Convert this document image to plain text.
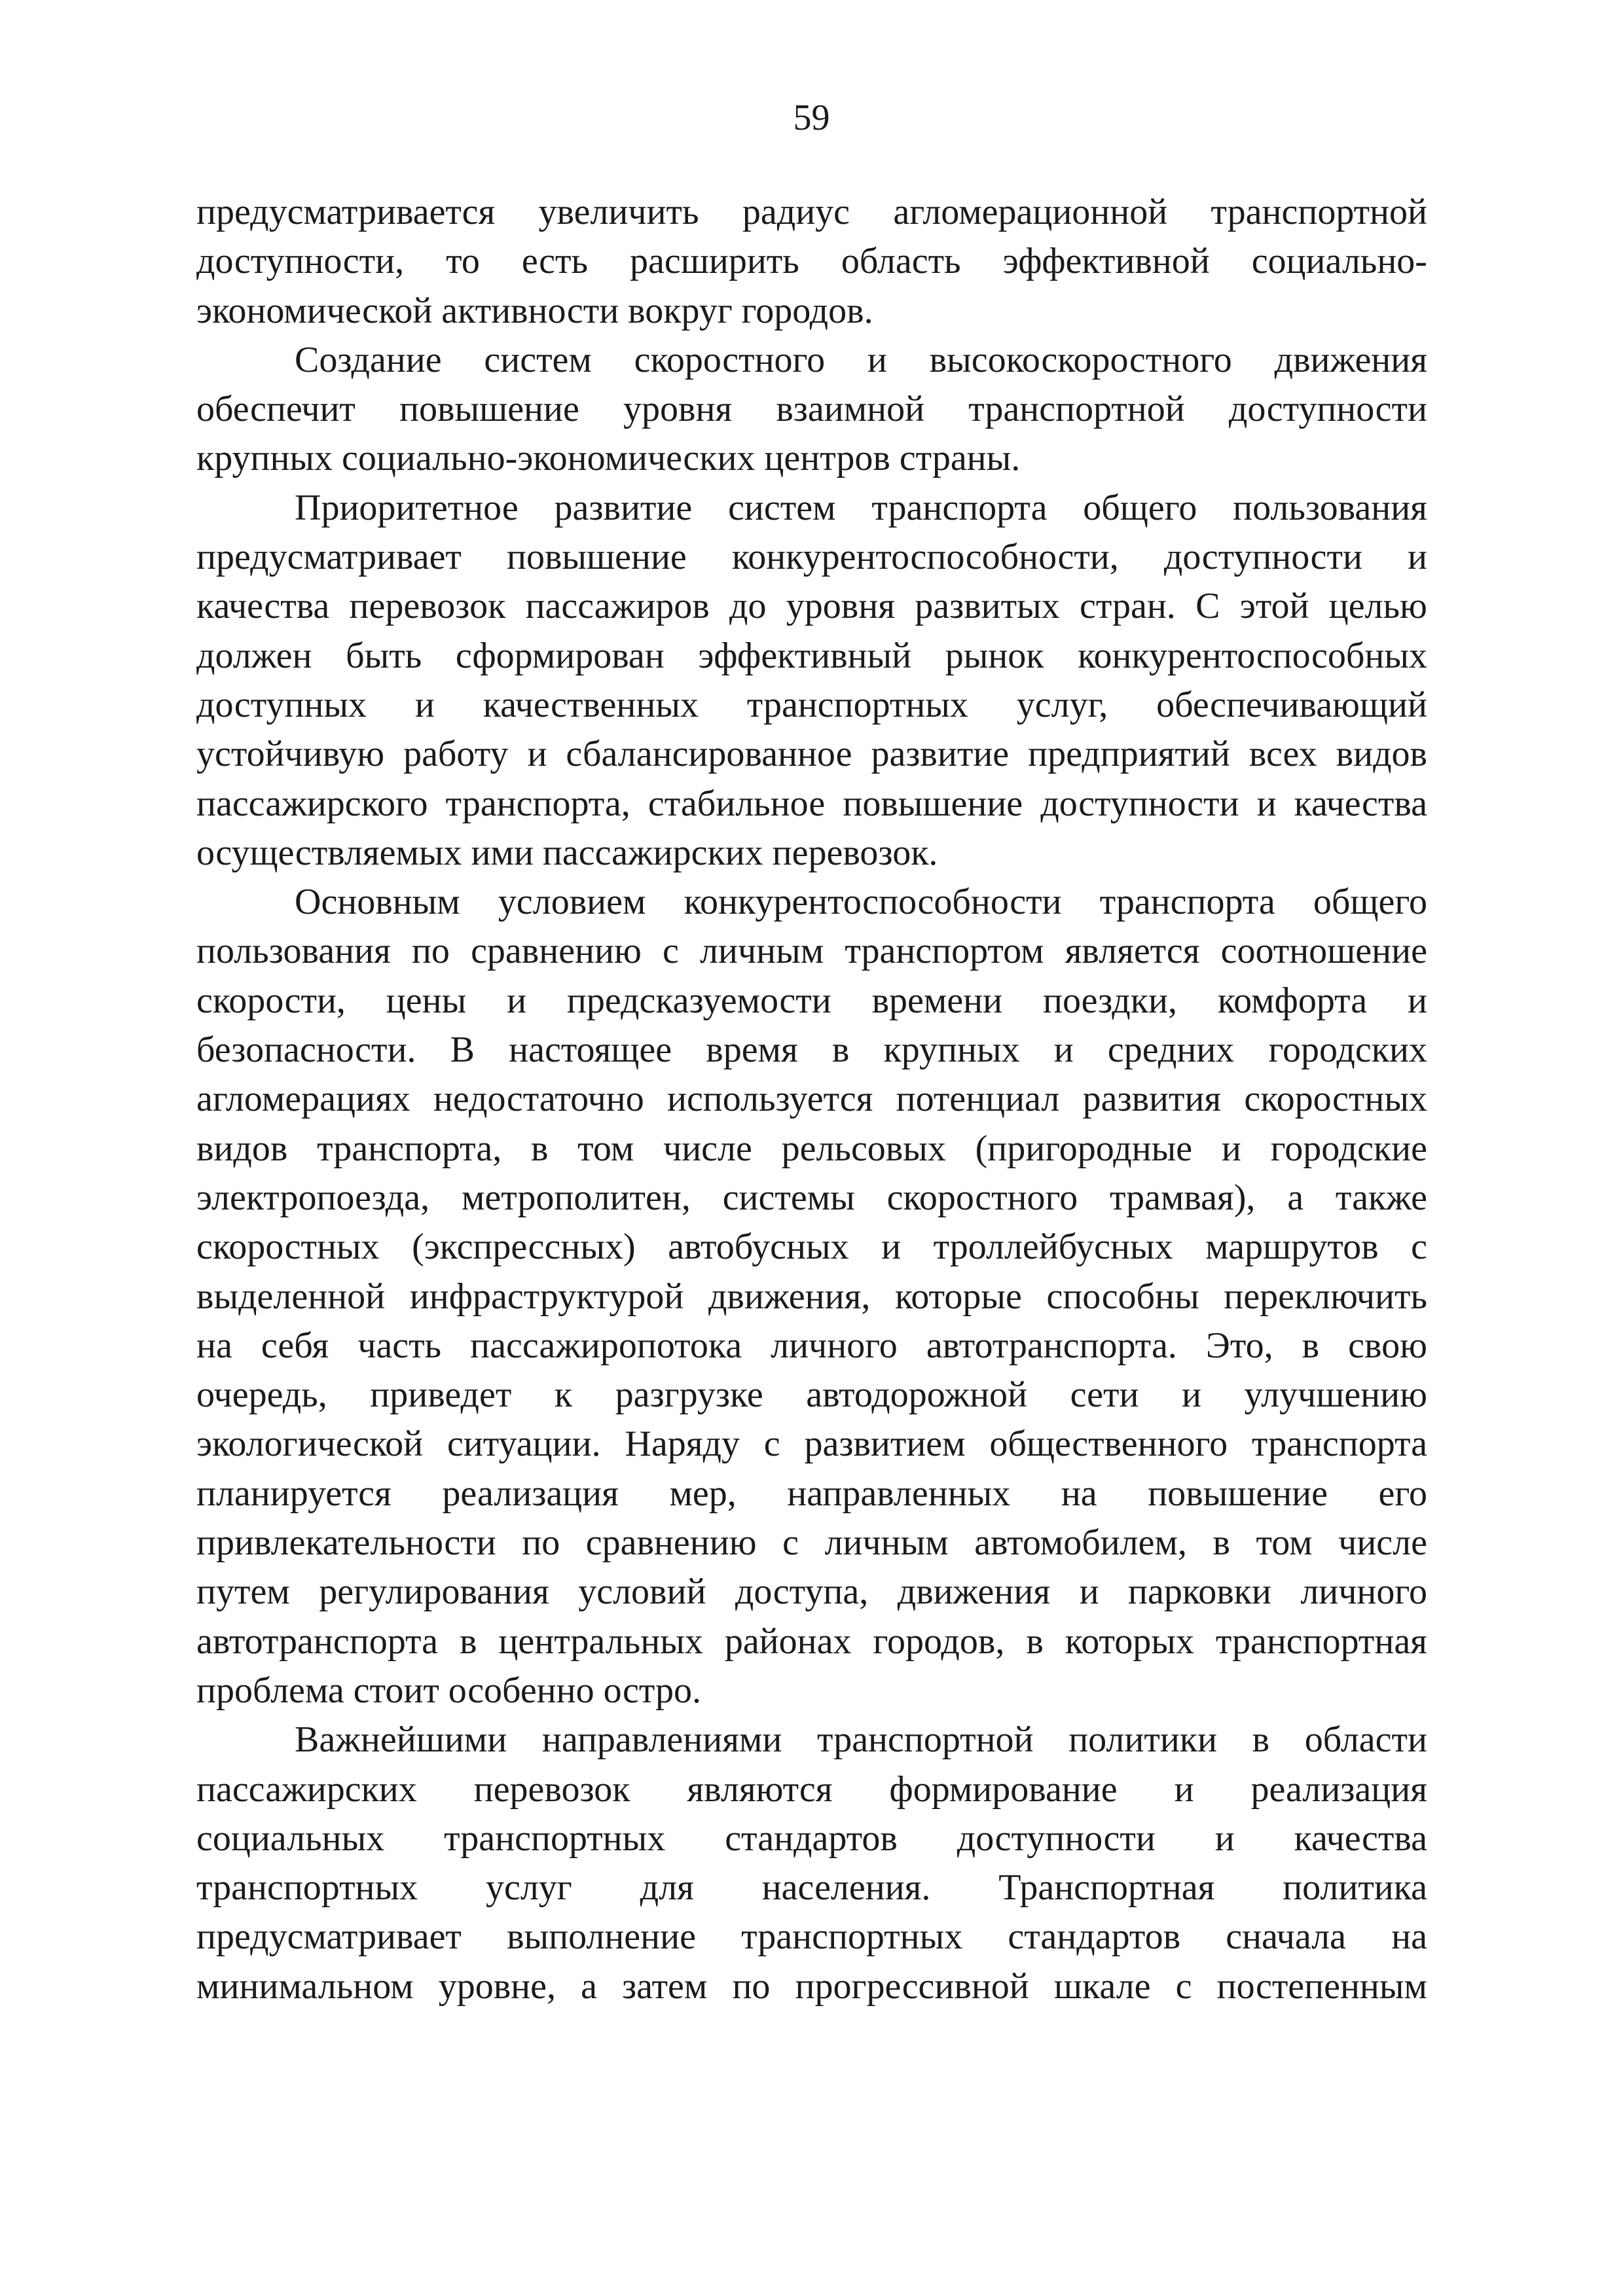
59
предусматривается увеличить радиус агломерационной транспортной
доступности, то есть расширить область эффективной социально-
экономической активности вокруг городов.
Создание систем скоростного и высокоскоростного движения
обеспечит повышение уровня взаимной транспортной доступности
крупных социально-экономических центров страны.
Приоритетное развитие систем транспорта общего пользования
предусматривает повышение конкурентоспособности, доступности и
качества перевозок пассажиров до уровня развитых стран. С этой целью
должен быть сформирован эффективный рынок конкурентоспособных
доступных и качественных транспортных услуг, обеспечивающий
устойчивую работу и сбалансированное развитие предприятий всех видов
пассажирского транспорта, стабильное повышение доступности и качества
осуществляемых ими пассажирских перевозок.
Основным условием конкурентоспособности транспорта общего
пользования по сравнению с личным транспортом является соотношение
скорости, цены и предсказуемости времени поездки, комфорта и
безопасности. В настоящее время в крупных и средних городских
агломерациях недостаточно используется потенциал развития скоростных
видов транспорта, в том числе рельсовых (пригородные и городские
электропоезда, метрополитен, системы скоростного трамвая), а также
скоростных (экспрессных) автобусных и троллейбусных маршрутов с
выделенной инфраструктурой движения, которые способны переключить
на себя часть пассажиропотока личного автотранспорта. Это, в свою
очередь, приведет к разгрузке автодорожной сети и улучшению
экологической ситуации. Наряду с развитием общественного транспорта
планируется реализация мер, направленных на повышение его
привлекательности по сравнению с личным автомобилем, в том числе
путем регулирования условий доступа, движения и парковки личного
автотранспорта в центральных районах городов, в которых транспортная
проблема стоит особенно остро.
Важнейшими направлениями транспортной политики в области
пассажирских перевозок являются формирование и реализация
социальных транспортных стандартов доступности и качества
транспортных услуг для населения. Транспортная политика
предусматривает выполнение транспортных стандартов сначала на
минимальном уровне, а затем по прогрессивной шкале с постепенным
